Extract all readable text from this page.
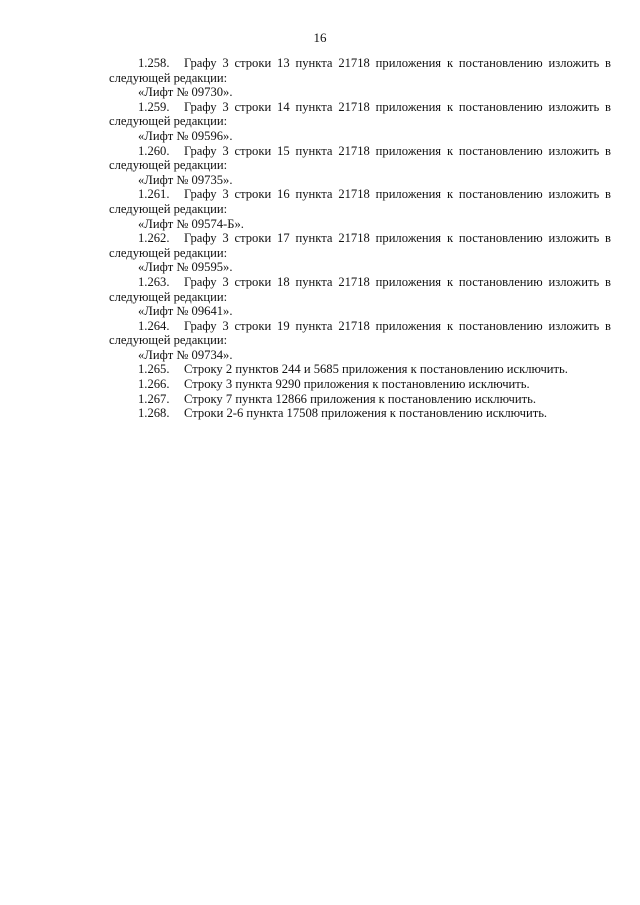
16
1.258. Графу 3 строки 13 пункта 21718 приложения к постановлению изложить в следующей редакции:
«Лифт № 09730».
1.259. Графу 3 строки 14 пункта 21718 приложения к постановлению изложить в следующей редакции:
«Лифт № 09596».
1.260. Графу 3 строки 15 пункта 21718 приложения к постановлению изложить в следующей редакции:
«Лифт № 09735».
1.261. Графу 3 строки 16 пункта 21718 приложения к постановлению изложить в следующей редакции:
«Лифт № 09574-Б».
1.262. Графу 3 строки 17 пункта 21718 приложения к постановлению изложить в следующей редакции:
«Лифт № 09595».
1.263. Графу 3 строки 18 пункта 21718 приложения к постановлению изложить в следующей редакции:
«Лифт № 09641».
1.264. Графу 3 строки 19 пункта 21718 приложения к постановлению изложить в следующей редакции:
«Лифт № 09734».
1.265. Строку 2 пунктов 244 и 5685 приложения к постановлению исключить.
1.266. Строку 3 пункта 9290 приложения к постановлению исключить.
1.267. Строку 7 пункта 12866 приложения к постановлению исключить.
1.268. Строки 2-6 пункта 17508 приложения к постановлению исключить.
